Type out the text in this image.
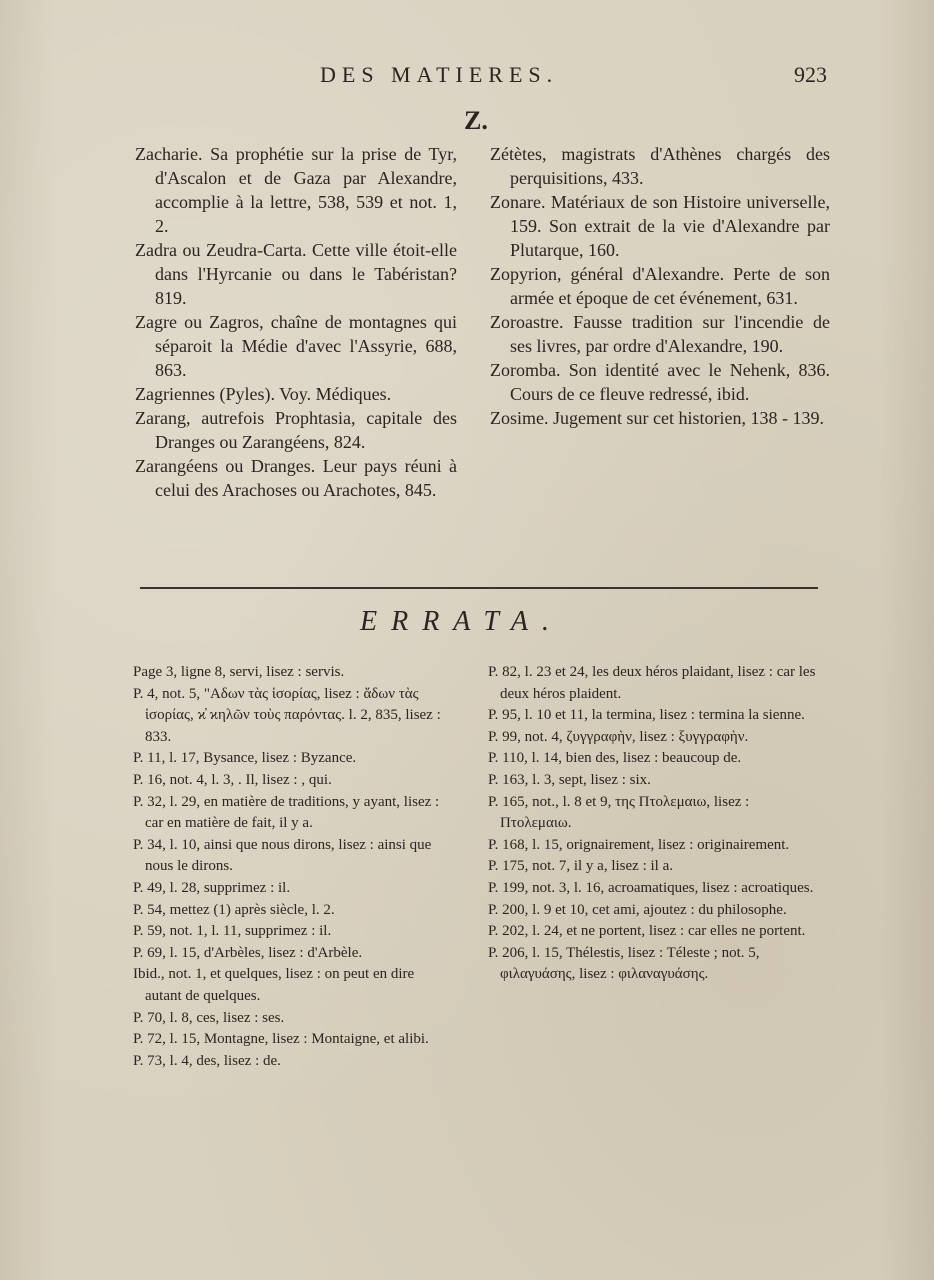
DES MATIERES.	923
Z.

Zacharie. Sa prophétie sur la prise de Tyr, d'Ascalon et de Gaza par Alexandre, accomplie à la lettre, 538, 539 et not. 1, 2.

Zadra ou Zeudra-Carta. Cette ville étoit-elle dans l'Hyrcanie ou dans le Tabéristan? 819.

Zagre ou Zagros, chaîne de montagnes qui séparoit la Médie d'avec l'Assyrie, 688, 863.

Zagriennes (Pyles). Voy. Médiques.

Zarang, autrefois Prophtasia, capitale des Dranges ou Zarangéens, 824.

Zarangéens ou Dranges. Leur pays réuni à celui des Arachoses ou Arachotes, 845.

Zétètes, magistrats d'Athènes chargés des perquisitions, 433.

Zonare. Matériaux de son Histoire universelle, 159. Son extrait de la vie d'Alexandre par Plutarque, 160.

Zopyrion, général d'Alexandre. Perte de son armée et époque de cet événement, 631.

Zoroastre. Fausse tradition sur l'incendie de ses livres, par ordre d'Alexandre, 190.

Zoromba. Son identité avec le Nehenk, 836. Cours de ce fleuve redressé, ibid.

Zosime. Jugement sur cet historien, 138 - 139.

ERRATA.

Page 3, ligne 8, servi, lisez : servis.

P. 4, not. 5, "Αδων τὰς ἱσορίας, lisez : ἄδων τὰς ἱσορίας, ϰ̓ ϰηλῶν τοὺς παρόντας. l. 2, 835, lisez : 833.

P. 11, l. 17, Bysance, lisez : Byzance.

P. 16, not. 4, l. 3, . Il, lisez : , qui.

P. 32, l. 29, en matière de traditions, y ayant, lisez : car en matière de fait, il y a.

P. 34, l. 10, ainsi que nous dirons, lisez : ainsi que nous le dirons.

P. 49, l. 28, supprimez : il.

P. 54, mettez (1) après siècle, l. 2.

P. 59, not. 1, l. 11, supprimez : il.

P. 69, l. 15, d'Arbèles, lisez : d'Arbèle.

Ibid., not. 1, et quelques, lisez : on peut en dire autant de quelques.

P. 70, l. 8, ces, lisez : ses.

P. 72, l. 15, Montagne, lisez : Montaigne, et alibi.

P. 73, l. 4, des, lisez : de.

P. 82, l. 23 et 24, les deux héros plaidant, lisez : car les deux héros plaident.

P. 95, l. 10 et 11, la termina, lisez : termina la sienne.

P. 99, not. 4, ζυγγραφὴν, lisez : ξυγγραφὴν.

P. 110, l. 14, bien des, lisez : beaucoup de.

P. 163, l. 3, sept, lisez : six.

P. 165, not., l. 8 et 9, της Πτολεμαιω, lisez : Πτολεμαιω.

P. 168, l. 15, orignairement, lisez : originairement.

P. 175, not. 7, il y a, lisez : il a.

P. 199, not. 3, l. 16, acroamatiques, lisez : acroatiques.

P. 200, l. 9 et 10, cet ami, ajoutez : du philosophe.

P. 202, l. 24, et ne portent, lisez : car elles ne portent.

P. 206, l. 15, Thélestis, lisez : Téleste ; not. 5, φιλαγυάσης, lisez : φιλαναγυάσης.
